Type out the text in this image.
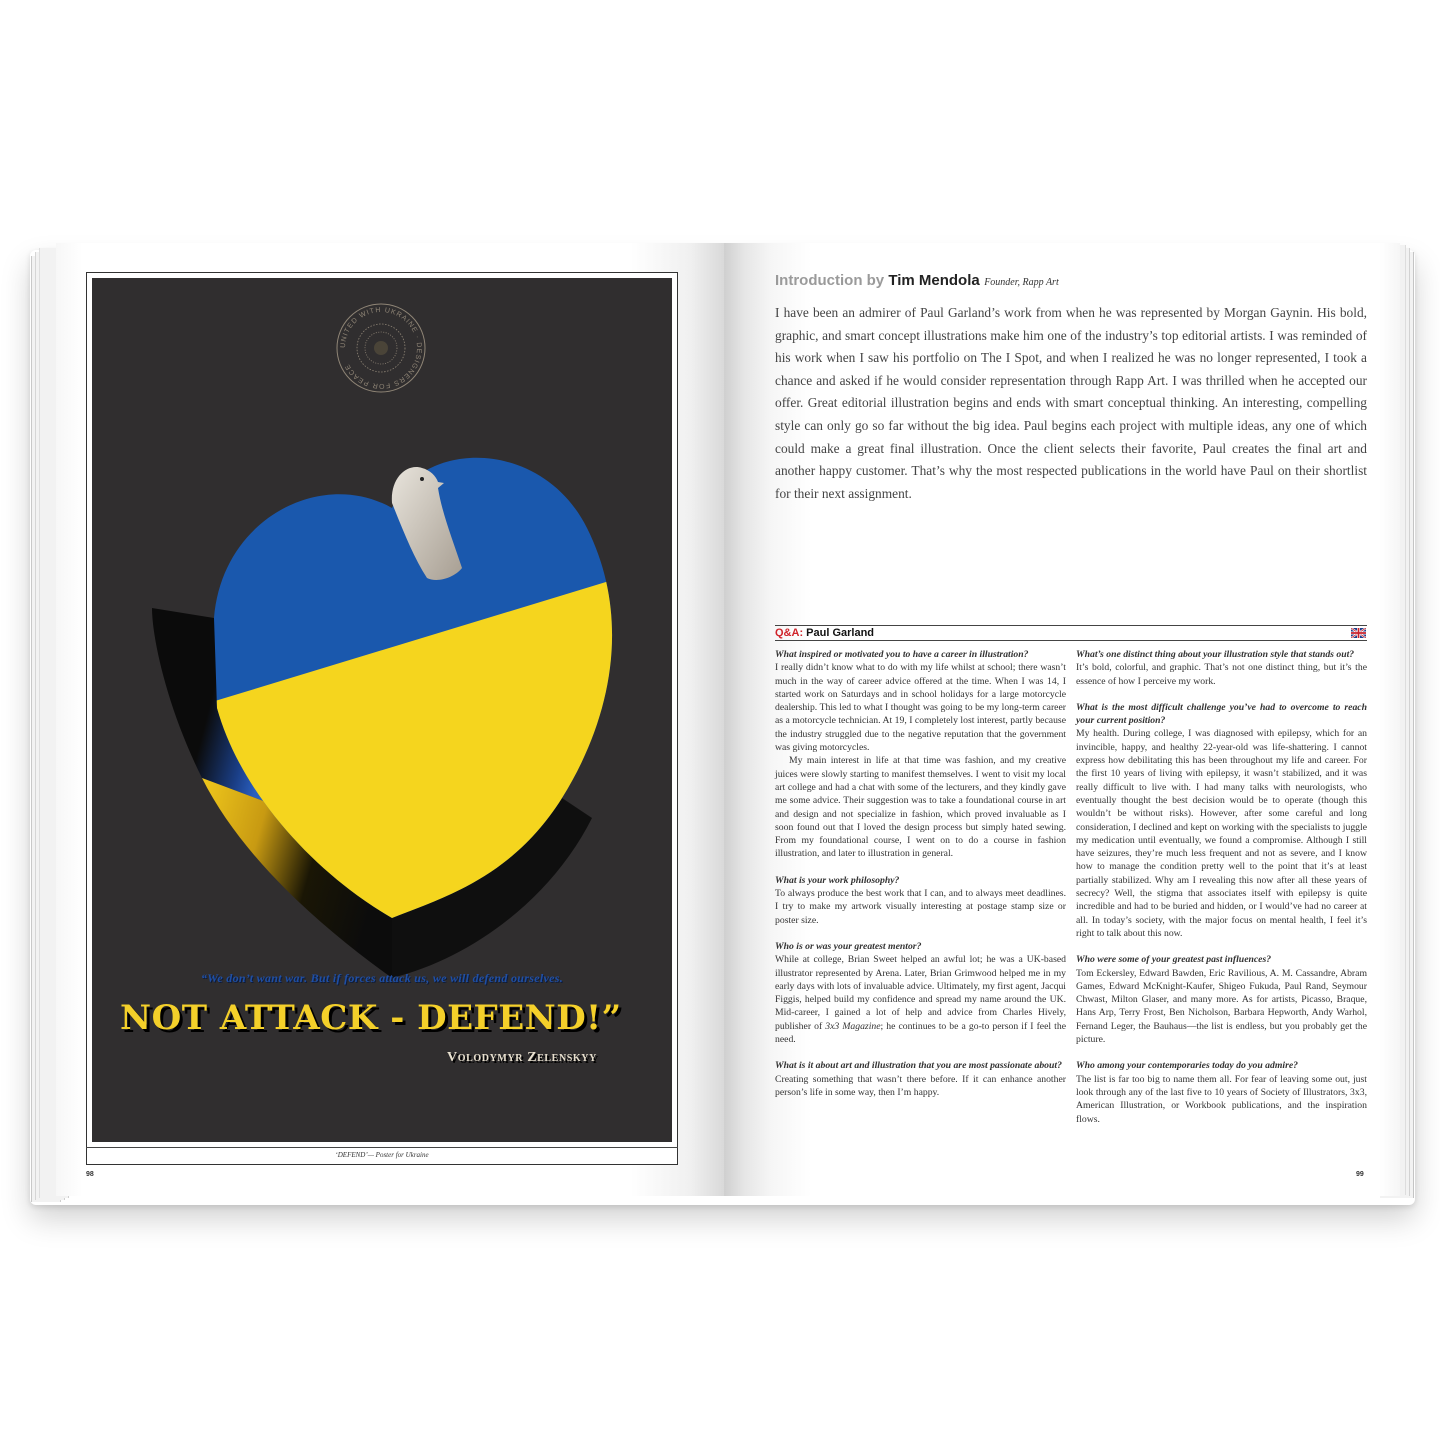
UNITED WITH UKRAINE · DESIGNERS FOR PEACE
“We don’t want war. But if forces attack us, we will defend ourselves.
NOT ATTACK - DEFEND!”
Volodymyr Zelenskyy
‘DEFEND’— Poster for Ukraine
98
Introduction by Tim Mendola Founder, Rapp Art
I have been an admirer of Paul Garland’s work from when he was represented by Morgan Gaynin. His bold, graphic, and smart concept illustrations make him one of the industry’s top editorial artists. I was reminded of his work when I saw his portfolio on The I Spot, and when I realized he was no longer represented, I took a chance and asked if he would consider representation through Rapp Art. I was thrilled when he accepted our offer. Great editorial illustration begins and ends with smart conceptual thinking. An interesting, compelling style can only go so far without the big idea. Paul begins each project with multiple ideas, any one of which could make a great final illustration. Once the client selects their favorite, Paul creates the final art and another happy customer. That’s why the most respected publications in the world have Paul on their shortlist for their next assignment.
Q&A: Paul Garland

What inspired or motivated you to have a career in illustration?

I really didn’t know what to do with my life whilst at school; there wasn’t much in the way of career advice offered at the time. When I was 14, I started work on Saturdays and in school holidays for a large motorcycle dealership. This led to what I thought was going to be my long-term career as a motorcycle technician. At 19, I completely lost interest, partly because the industry struggled due to the negative reputation that the government was giving motorcycles.

My main interest in life at that time was fashion, and my creative juices were slowly starting to manifest themselves. I went to visit my local art college and had a chat with some of the lecturers, and they kindly gave me some advice. Their suggestion was to take a foundational course in art and design and not specialize in fashion, which proved invaluable as I soon found out that I loved the design process but simply hated sewing. From my foundational course, I went on to do a course in fashion illustration, and later to illustration in general.

What is your work philosophy?

To always produce the best work that I can, and to always meet deadlines. I try to make my artwork visually interesting at postage stamp size or poster size.

Who is or was your greatest mentor?

While at college, Brian Sweet helped an awful lot; he was a UK-based illustrator represented by Arena. Later, Brian Grimwood helped me in my early days with lots of invaluable advice. Ultimately, my first agent, Jacqui Figgis, helped build my confidence and spread my name around the UK. Mid-career, I gained a lot of help and advice from Charles Hively, publisher of 3x3 Magazine; he continues to be a go-to person if I feel the need.

What is it about art and illustration that you are most passionate about?

Creating something that wasn’t there before. If it can enhance another person’s life in some way, then I’m happy.

What’s one distinct thing about your illustration style that stands out?

It’s bold, colorful, and graphic. That’s not one distinct thing, but it’s the essence of how I perceive my work.

What is the most difficult challenge you’ve had to overcome to reach your current position?

My health. During college, I was diagnosed with epilepsy, which for an invincible, happy, and healthy 22-year-old was life-shattering. I cannot express how debilitating this has been throughout my life and career. For the first 10 years of living with epilepsy, it wasn’t stabilized, and it was really difficult to live with. I had many talks with neurologists, who eventually thought the best decision would be to operate (though this wouldn’t be without risks). However, after some careful and long consideration, I declined and kept on working with the specialists to juggle my medication until eventually, we found a compromise. Although I still have seizures, they’re much less frequent and not as severe, and I know how to manage the condition pretty well to the point that it’s at least partially stabilized. Why am I revealing this now after all these years of secrecy? Well, the stigma that associates itself with epilepsy is quite incredible and had to be buried and hidden, or I would’ve had no career at all. In today’s society, with the major focus on mental health, I feel it’s right to talk about this now.

Who were some of your greatest past influences?

Tom Eckersley, Edward Bawden, Eric Ravilious, A. M. Cassandre, Abram Games, Edward McKnight-Kaufer, Shigeo Fukuda, Paul Rand, Seymour Chwast, Milton Glaser, and many more. As for artists, Picasso, Braque, Hans Arp, Terry Frost, Ben Nicholson, Barbara Hepworth, Andy Warhol, Fernand Leger, the Bauhaus—the list is endless, but you probably get the picture.

Who among your contemporaries today do you admire?

The list is far too big to name them all. For fear of leaving some out, just look through any of the last five to 10 years of Society of Illustrators, 3x3, American Illustration, or Workbook publications, and the inspiration flows.

99
